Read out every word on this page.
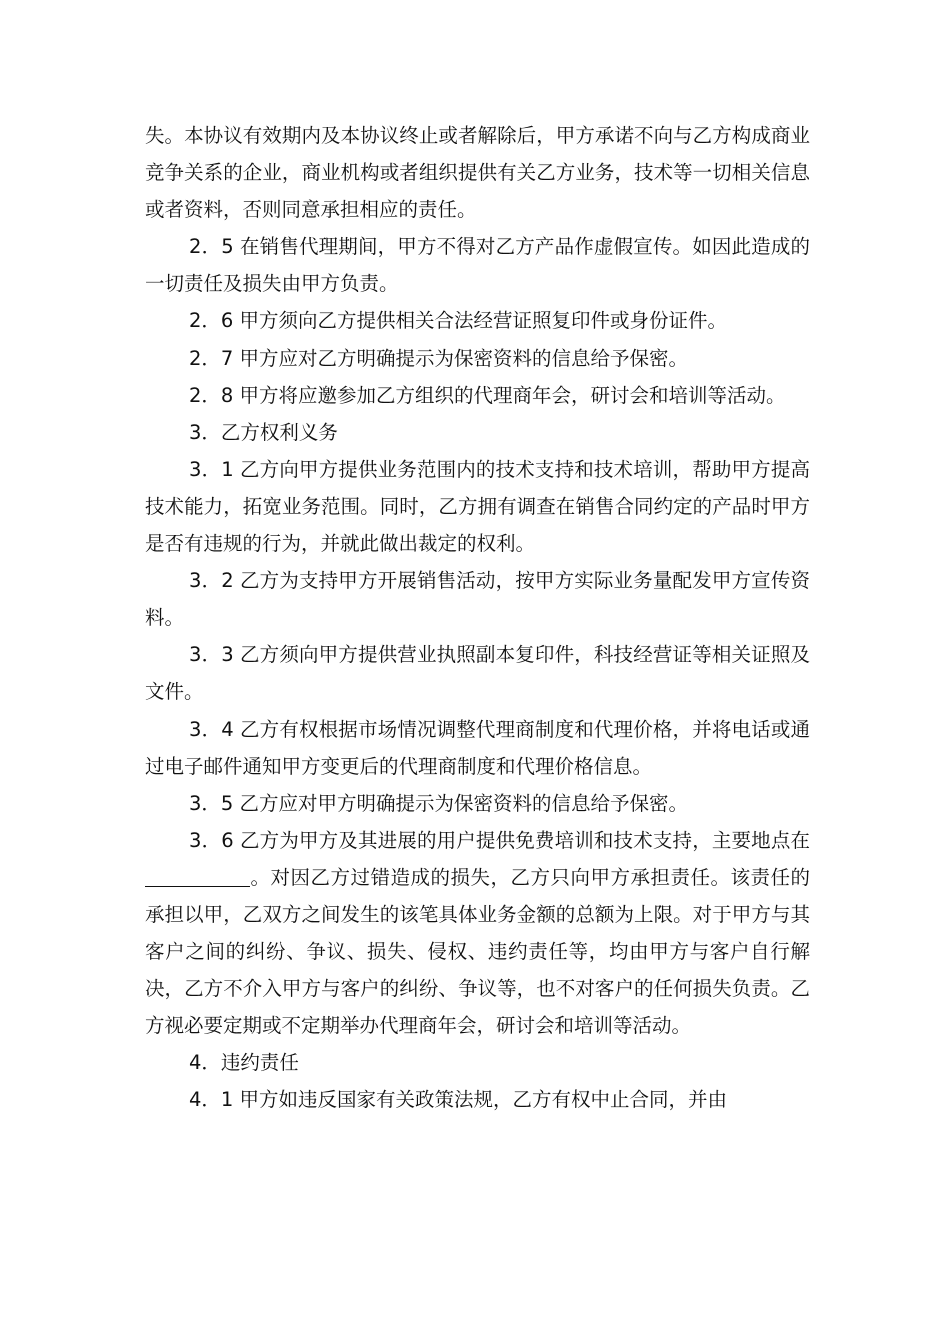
失。本协议有效期内及本协议终止或者解除后，甲方承诺不向与乙方构成商业竞争关系的企业，商业机构或者组织提供有关乙方业务，技术等一切相关信息或者资料，否则同意承担相应的责任。

2．5 在销售代理期间，甲方不得对乙方产品作虚假宣传。如因此造成的一切责任及损失由甲方负责。

2．6 甲方须向乙方提供相关合法经营证照复印件或身份证件。

2．7 甲方应对乙方明确提示为保密资料的信息给予保密。

2．8 甲方将应邀参加乙方组织的代理商年会，研讨会和培训等活动。

3．乙方权利义务

3．1 乙方向甲方提供业务范围内的技术支持和技术培训，帮助甲方提高技术能力，拓宽业务范围。同时，乙方拥有调查在销售合同约定的产品时甲方是否有违规的行为，并就此做出裁定的权利。

3．2 乙方为支持甲方开展销售活动，按甲方实际业务量配发甲方宣传资料。

3．3 乙方须向甲方提供营业执照副本复印件，科技经营证等相关证照及文件。

3．4 乙方有权根据市场情况调整代理商制度和代理价格，并将电话或通过电子邮件通知甲方变更后的代理商制度和代理价格信息。

3．5 乙方应对甲方明确提示为保密资料的信息给予保密。

3．6 乙方为甲方及其进展的用户提供免费培训和技术支持，主要地点在。对因乙方过错造成的损失，乙方只向甲方承担责任。该责任的承担以甲，乙双方之间发生的该笔具体业务金额的总额为上限。对于甲方与其客户之间的纠纷、争议、损失、侵权、违约责任等，均由甲方与客户自行解决，乙方不介入甲方与客户的纠纷、争议等，也不对客户的任何损失负责。乙方视必要定期或不定期举办代理商年会，研讨会和培训等活动。

4．违约责任

4．1 甲方如违反国家有关政策法规，乙方有权中止合同，并由
